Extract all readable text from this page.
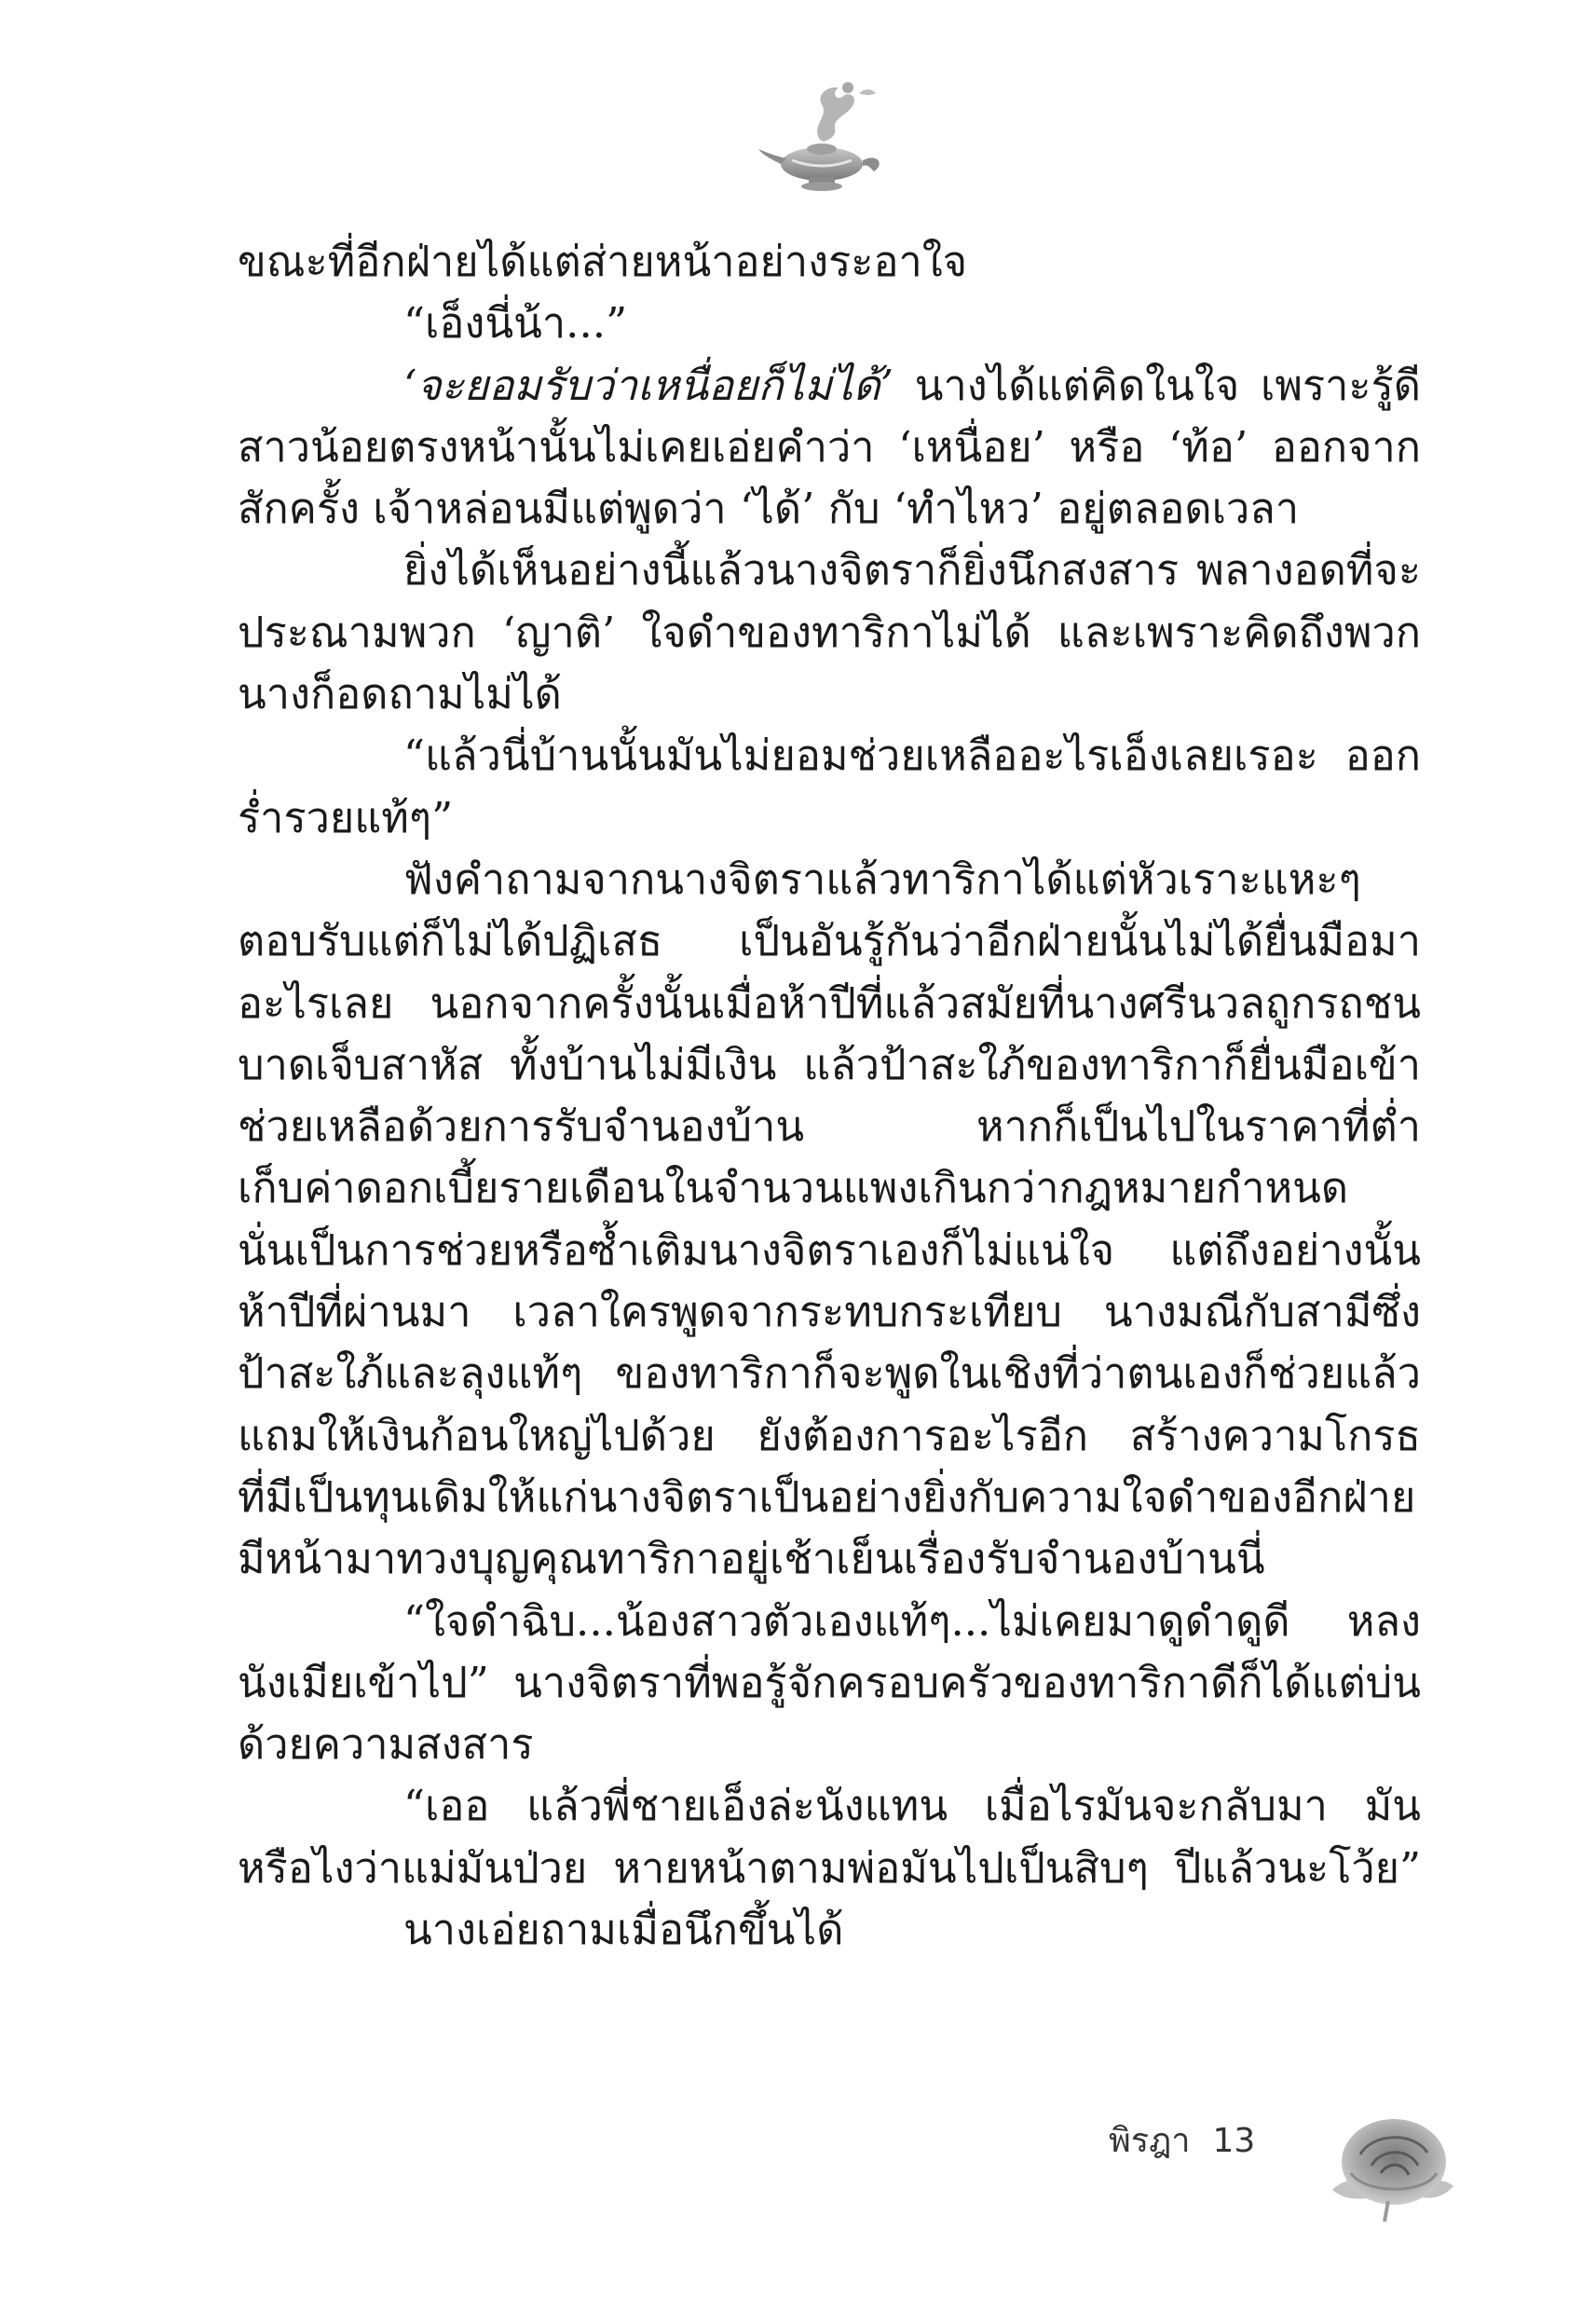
ขณะที่อีกฝ่ายได้แต่ส่ายหน้าอย่างระอาใจ
“เอ็งนี่น้า...”
‘จะยอมรับว่าเหนื่อยก็ไม่ได้’ นางได้แต่คิดในใจ เพราะรู้ดี
สาวน้อยตรงหน้านั้นไม่เคยเอ่ยคำว่า ‘เหนื่อย’ หรือ ‘ท้อ’ ออกจาก
สักครั้ง เจ้าหล่อนมีแต่พูดว่า ‘ได้’ กับ ‘ทำไหว’ อยู่ตลอดเวลา
ยิ่งได้เห็นอย่างนี้แล้วนางจิตราก็ยิ่งนึกสงสาร พลางอดที่จะ
ประณามพวก ‘ญาติ’ ใจดำของทาริกาไม่ได้ และเพราะคิดถึงพวก
นางก็อดถามไม่ได้
“แล้วนี่บ้านนั้นมันไม่ยอมช่วยเหลืออะไรเอ็งเลยเรอะ ออก
ร่ำรวยแท้ๆ”
ฟังคำถามจากนางจิตราแล้วทาริกาได้แต่หัวเราะแหะๆ
ตอบรับแต่ก็ไม่ได้ปฏิเสธ เป็นอันรู้กันว่าอีกฝ่ายนั้นไม่ได้ยื่นมือมา
อะไรเลย นอกจากครั้งนั้นเมื่อห้าปีที่แล้วสมัยที่นางศรีนวลถูกรถชน
บาดเจ็บสาหัส ทั้งบ้านไม่มีเงิน แล้วป้าสะใภ้ของทาริกาก็ยื่นมือเข้า
ช่วยเหลือด้วยการรับจำนองบ้าน หากก็เป็นไปในราคาที่ต่ำ
เก็บค่าดอกเบี้ยรายเดือนในจำนวนแพงเกินกว่ากฎหมายกำหนด
นั่นเป็นการช่วยหรือซ้ำเติมนางจิตราเองก็ไม่แน่ใจ แต่ถึงอย่างนั้น
ห้าปีที่ผ่านมา เวลาใครพูดจากระทบกระเทียบ นางมณีกับสามีซึ่ง
ป้าสะใภ้และลุงแท้ๆ ของทาริกาก็จะพูดในเชิงที่ว่าตนเองก็ช่วยแล้ว
แถมให้เงินก้อนใหญ่ไปด้วย ยังต้องการอะไรอีก สร้างความโกรธ
ที่มีเป็นทุนเดิมให้แก่นางจิตราเป็นอย่างยิ่งกับความใจดำของอีกฝ่าย
มีหน้ามาทวงบุญคุณทาริกาอยู่เช้าเย็นเรื่องรับจำนองบ้านนี่
“ใจดำฉิบ...น้องสาวตัวเองแท้ๆ...ไม่เคยมาดูดำดูดี หลง
นังเมียเข้าไป” นางจิตราที่พอรู้จักครอบครัวของทาริกาดีก็ได้แต่บ่น
ด้วยความสงสาร
“เออ แล้วพี่ชายเอ็งล่ะนังแทน เมื่อไรมันจะกลับมา มัน
หรือไงว่าแม่มันป่วย หายหน้าตามพ่อมันไปเป็นสิบๆ ปีแล้วนะโว้ย”
นางเอ่ยถามเมื่อนึกขึ้นได้
พิรฎา 13
